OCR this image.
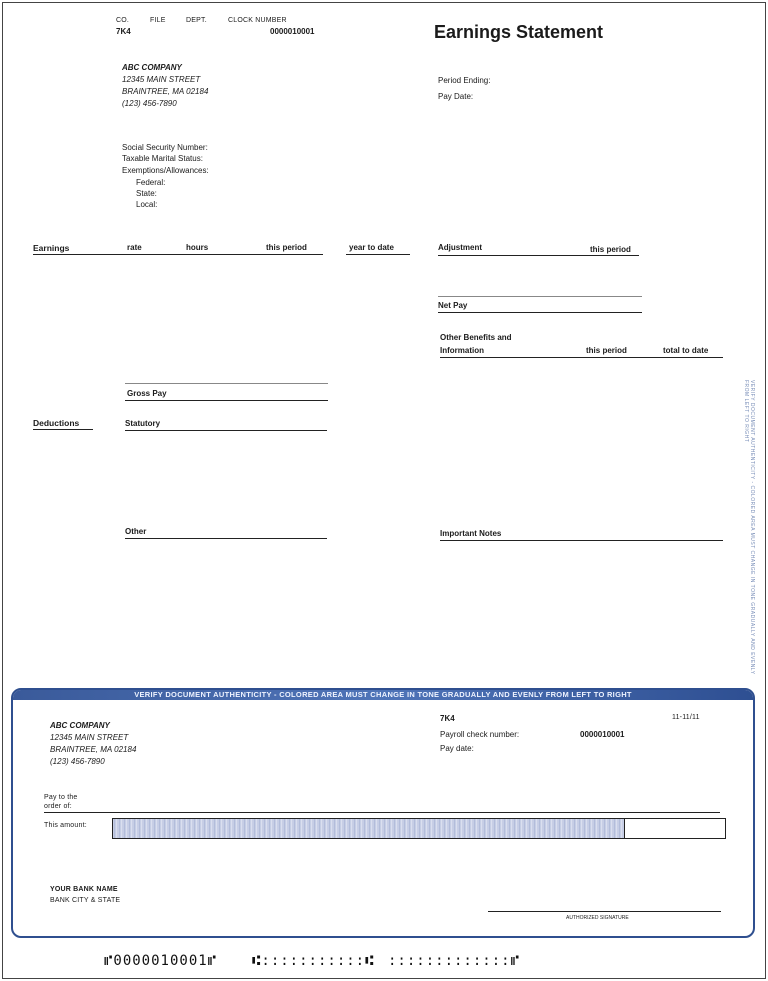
CO.	FILE	DEPT.	CLOCK NUMBER
7K4	0000010001	Earnings Statement
ABC COMPANY
12345 MAIN STREET
BRAINTREE, MA 02184
(123) 456-7890
Period Ending:
Pay Date:
Social Security Number:
Taxable Marital Status:
Exemptions/Allowances:
Federal:
State:
Local:
Earnings	rate	hours	this period	year to date	Adjustment	this period
Net Pay
Other Benefits and
Information	this period	total to date
Gross Pay
Deductions	Statutory
Other	Important Notes	VERIFY DOCUMENT AUTHENTICITY - COLORED AREA MUST CHANGE IN TONE GRADUALLY AND EVENLY FROM LEFT TO RIGHT
VERIFY DOCUMENT AUTHENTICITY - COLORED AREA MUST CHANGE IN TONE GRADUALLY AND EVENLY FROM LEFT TO RIGHT
ABC COMPANY
12345 MAIN STREET
BRAINTREE, MA 02184
(123) 456-7890
7K4	11-11/11
Payroll check number:	0000010001
Pay date:
Pay to the
order of:
This amount:
YOUR BANK NAME
BANK CITY & STATE
AUTHORIZED SIGNATURE
⑈0000010001⑈ ⑆:::::::::::⑆ :::::::::::::⑈
